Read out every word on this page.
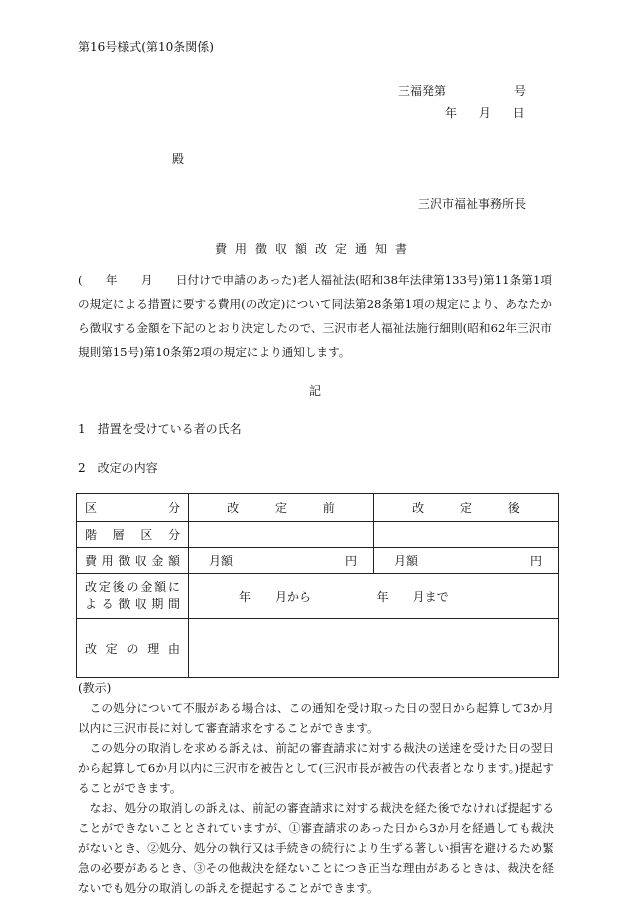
第16号様式(第10条関係)
三福発第	号
年 月 日
殿
三沢市福祉事務所長
費用徴収額改定通知書
(　　年　　月　　日付けで申請のあった)老人福祉法(昭和38年法律第133号)第11条第1項の規定による措置に要する費用(の改定)について同法第28条第1項の規定により、あなたから徴収する金額を下記のとおり決定したので、三沢市老人福祉法施行細則(昭和62年三沢市規則第15号)第10条第2項の規定により通知します。
記
1　措置を受けている者の氏名
2　改定の内容
区分	改 定 前	改 定 後
階層区分		
費用徴収金額	月額 円	月額 円

改定後の金額に
よる徴収期間	年　　月から 年　　月まで	
改定の理由		
(教示)

この処分について不服がある場合は、この通知を受け取った日の翌日から起算して3か月以内に三沢市長に対して審査請求をすることができます。

この処分の取消しを求める訴えは、前記の審査請求に対する裁決の送達を受けた日の翌日から起算して6か月以内に三沢市を被告として(三沢市長が被告の代表者となります。)提起することができます。

なお、処分の取消しの訴えは、前記の審査請求に対する裁決を経た後でなければ提起することができないこととされていますが、①審査請求のあった日から3か月を経過しても裁決がないとき、②処分、処分の執行又は手続きの続行により生ずる著しい損害を避けるため緊急の必要があるとき、③その他裁決を経ないことにつき正当な理由があるときは、裁決を経ないでも処分の取消しの訴えを提起することができます。
